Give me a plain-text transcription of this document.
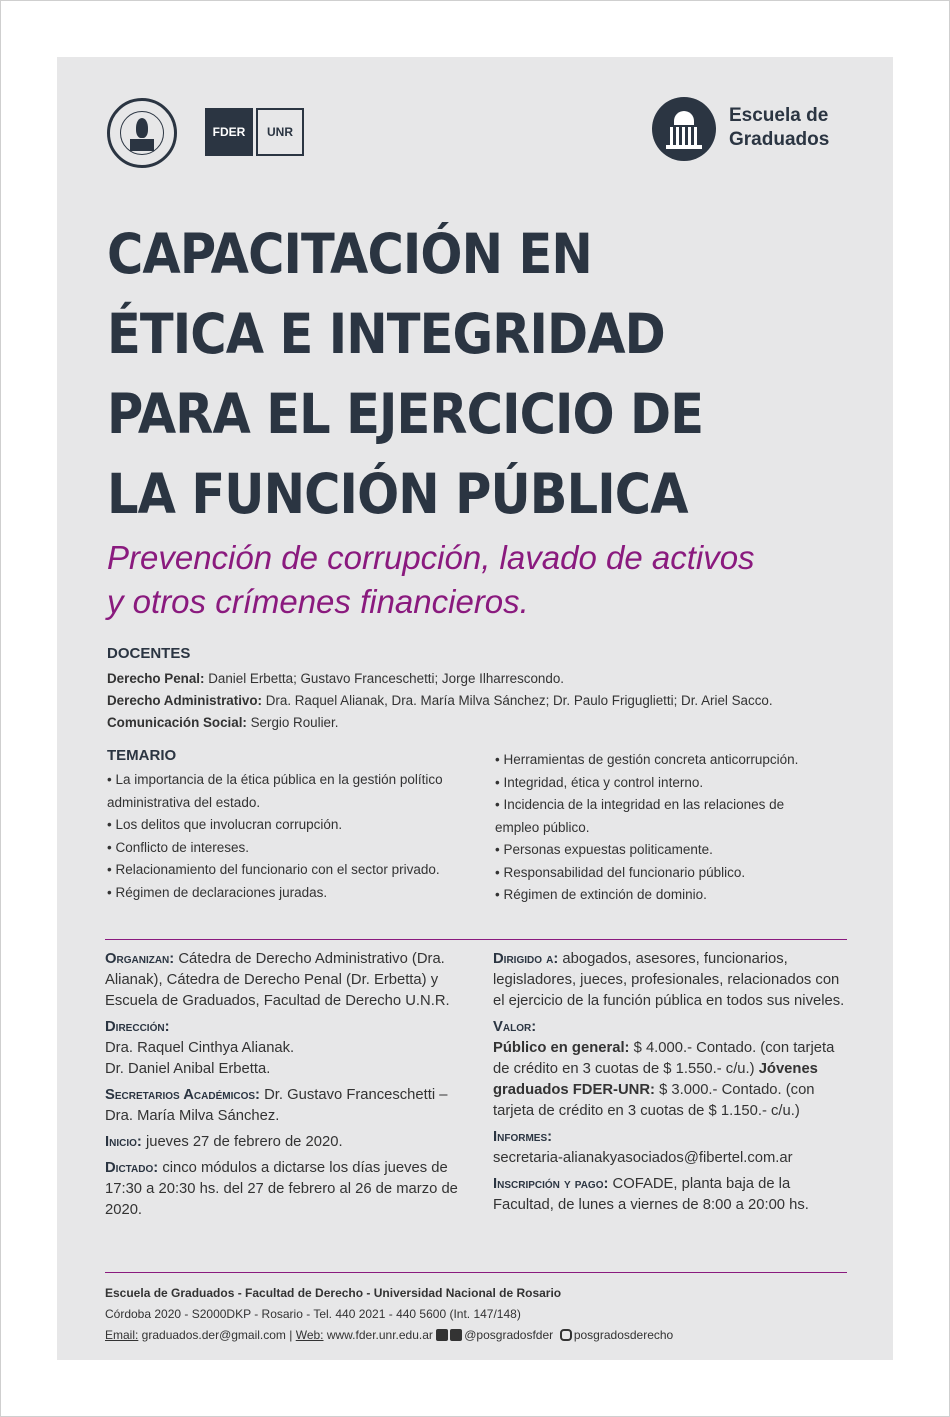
FDER	UNR
Escuela de
Graduados
CAPACITACIÓN EN
ÉTICA E INTEGRIDAD
PARA EL EJERCICIO DE
LA FUNCIÓN PÚBLICA
Prevención de corrupción, lavado de activos
y otros crímenes financieros.
DOCENTES
Derecho Penal: Daniel Erbetta; Gustavo Franceschetti; Jorge Ilharrescondo.
Derecho Administrativo: Dra. Raquel Alianak, Dra. María Milva Sánchez; Dr. Paulo Friguglietti; Dr. Ariel Sacco.
Comunicación Social: Sergio Roulier.
TEMARIO
• La importancia de la ética pública en la gestión político administrativa del estado.
• Los delitos que involucran corrupción.
• Conflicto de intereses.
• Relacionamiento del funcionario con el sector privado.
• Régimen de declaraciones juradas.
• Herramientas de gestión concreta anticorrupción.
• Integridad, ética y control interno.
• Incidencia de la integridad en las relaciones de empleo público.
• Personas expuestas politicamente.
• Responsabilidad del funcionario público.
• Régimen de extinción de dominio.
Organizan: Cátedra de Derecho Administrativo (Dra. Alianak), Cátedra de Derecho Penal (Dr. Erbetta) y Escuela de Graduados, Facultad de Derecho U.N.R.
Dirección:
Dra. Raquel Cinthya Alianak.
Dr. Daniel Anibal Erbetta.
Secretarios Académicos: Dr. Gustavo Franceschetti – Dra. María Milva Sánchez.
Inicio: jueves 27 de febrero de 2020.
Dictado: cinco módulos a dictarse los días jueves de 17:30 a 20:30 hs. del 27 de febrero al 26 de marzo de 2020.
Dirigido a: abogados, asesores, funcionarios, legisladores, jueces, profesionales, relacionados con el ejercicio de la función pública en todos sus niveles.
Valor:
Público en general: $ 4.000.- Contado. (con tarjeta de crédito en 3 cuotas de $ 1.550.- c/u.) Jóvenes graduados FDER-UNR: $ 3.000.- Contado. (con tarjeta de crédito en 3 cuotas de $ 1.150.- c/u.)
Informes:
secretaria-alianakyasociados@fibertel.com.ar
Inscripción y pago: COFADE, planta baja de la Facultad, de lunes a viernes de 8:00 a 20:00 hs.
Escuela de Graduados - Facultad de Derecho - Universidad Nacional de Rosario
Córdoba 2020 - S2000DKP - Rosario - Tel. 440 2021 - 440 5600 (Int. 147/148)
Email: graduados.der@gmail.com | Web: www.fder.unr.edu.ar @posgradosfder posgradosderecho
